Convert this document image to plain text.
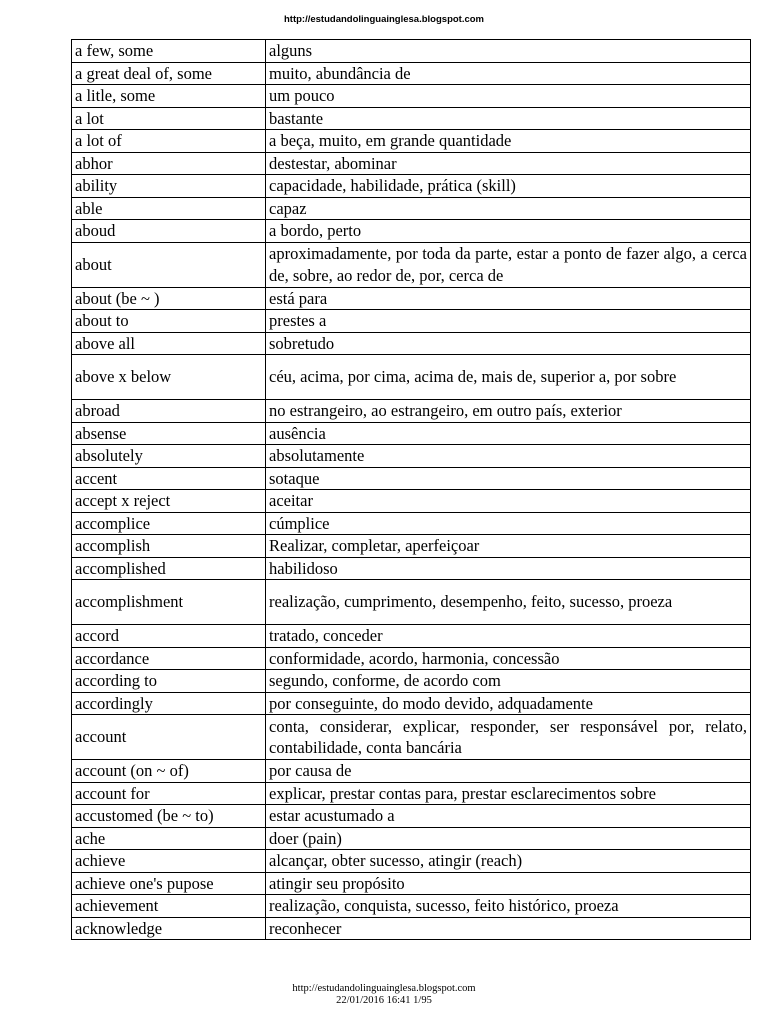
http://estudandolinguainglesa.blogspot.com
a few, some	alguns
a great deal of, some	muito, abundância de
a litle, some	um pouco
a lot	bastante
a lot of	a beça, muito, em grande quantidade
abhor	destestar, abominar
ability	capacidade, habilidade, prática (skill)
able	capaz
aboud	a bordo, perto
about	aproximadamente, por toda da parte, estar a ponto de fazer algo, a cerca de, sobre, ao redor de, por, cerca de
about (be ~ )	está para
about to	prestes a
above all	sobretudo
above x below	céu, acima, por cima, acima de, mais de, superior a, por sobre
abroad	no estrangeiro, ao estrangeiro, em outro país, exterior
absense	ausência
absolutely	absolutamente
accent	sotaque
accept x reject	aceitar
accomplice	cúmplice
accomplish	Realizar, completar, aperfeiçoar
accomplished	habilidoso
accomplishment	realização, cumprimento, desempenho, feito, sucesso, proeza
accord	tratado, conceder
accordance	conformidade, acordo, harmonia, concessão
according to	segundo, conforme, de acordo com
accordingly	por conseguinte, do modo devido, adquadamente
account	conta, considerar, explicar, responder, ser responsável por, relato, contabilidade, conta bancária
account (on ~ of)	por causa de
account for	explicar, prestar contas para, prestar esclarecimentos sobre
accustomed (be ~ to)	estar acustumado a
ache	doer (pain)
achieve	alcançar, obter sucesso, atingir (reach)
achieve one's pupose	atingir seu propósito
achievement	realização, conquista, sucesso, feito histórico, proeza
acknowledge	reconhecer
http://estudandolinguainglesa.blogspot.com
22/01/2016 16:41 1/95
